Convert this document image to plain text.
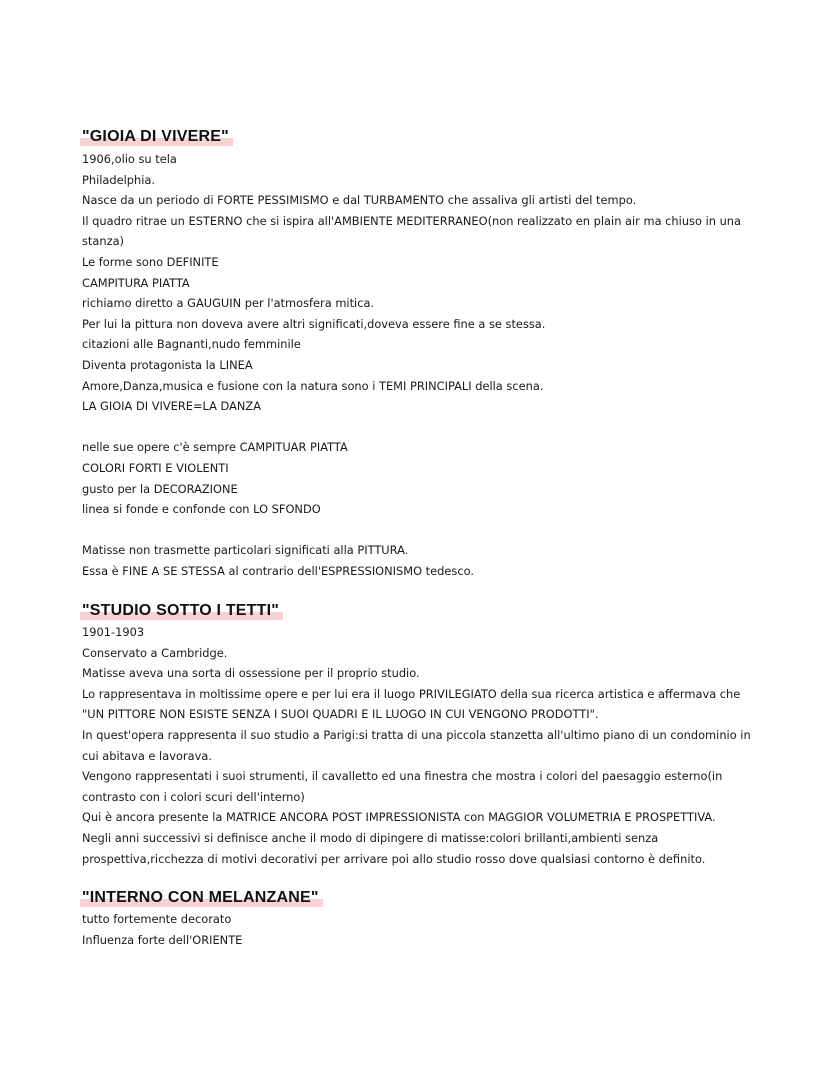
"GIOIA DI VIVERE"
1906,olio su tela
Philadelphia.
Nasce da un periodo di FORTE PESSIMISMO e dal TURBAMENTO che assaliva gli artisti del tempo.
Il quadro ritrae un ESTERNO che si ispira all'AMBIENTE MEDITERRANEO(non realizzato en plain air ma chiuso in una
stanza)
Le forme sono DEFINITE
CAMPITURA PIATTA
richiamo diretto a GAUGUIN per l'atmosfera mitica.
Per lui la pittura non doveva avere altri significati,doveva essere fine a se stessa.
citazioni alle Bagnanti,nudo femminile
Diventa protagonista la LINEA
Amore,Danza,musica e fusione con la natura sono i TEMI PRINCIPALI della scena.
LA GIOIA DI VIVERE=LA DANZA
nelle sue opere c'è sempre CAMPITUAR PIATTA
COLORI FORTI E VIOLENTI
gusto per la DECORAZIONE
linea si fonde e confonde con LO SFONDO
Matisse non trasmette particolari significati alla PITTURA.
Essa è FINE A SE STESSA al contrario dell'ESPRESSIONISMO tedesco.
"STUDIO SOTTO I TETTI"
1901-1903
Conservato a Cambridge.
Matisse aveva una sorta di ossessione per il proprio studio.
Lo rappresentava in moltissime opere e per lui era il luogo PRIVILEGIATO della sua ricerca artistica e affermava che
"UN PITTORE NON ESISTE SENZA I SUOI QUADRI E IL LUOGO IN CUI VENGONO PRODOTTI".
In quest'opera rappresenta il suo studio a Parigi:si tratta di una piccola stanzetta all'ultimo piano di un condominio in
cui abitava e lavorava.
Vengono rappresentati i suoi strumenti, il cavalletto ed una finestra che mostra i colori del paesaggio esterno(in
contrasto con i colori scuri dell'interno)
Qui è ancora presente la MATRICE ANCORA POST IMPRESSIONISTA con MAGGIOR VOLUMETRIA E PROSPETTIVA.
Negli anni successivi si definisce anche il modo di dipingere di matisse:colori brillanti,ambienti senza
prospettiva,ricchezza di motivi decorativi per arrivare poi allo studio rosso dove qualsiasi contorno è definito.
"INTERNO CON MELANZANE"
tutto fortemente decorato
Influenza forte dell'ORIENTE
